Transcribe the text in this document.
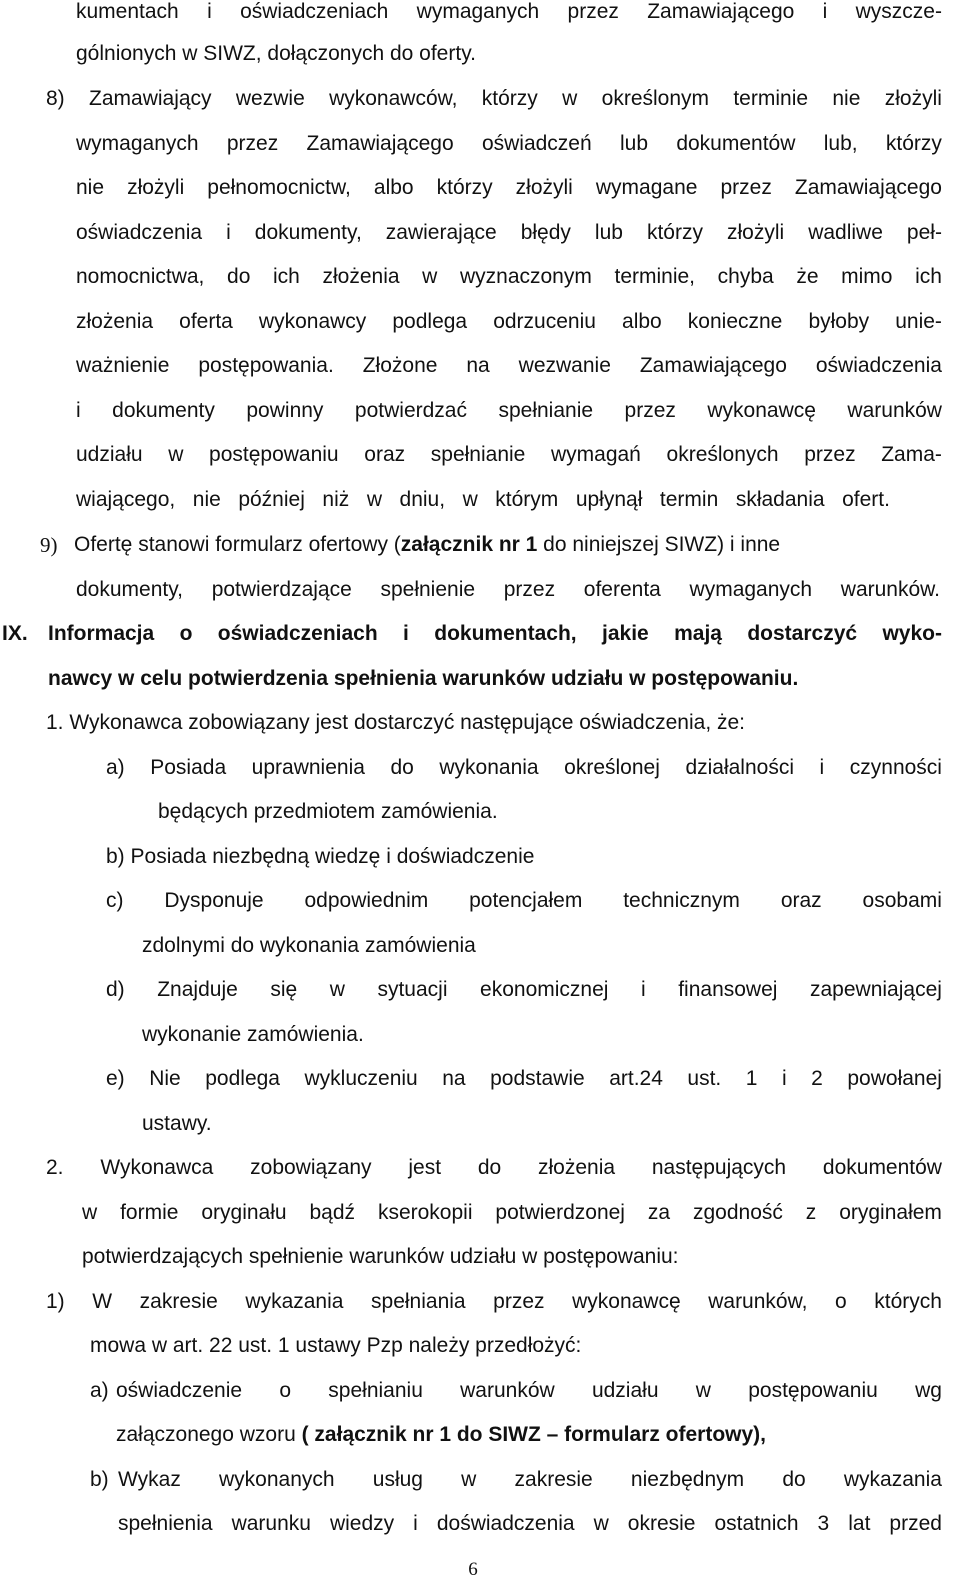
kumentach i oświadczeniach wymaganych przez Zamawiającego i wyszcze-
gólnionych w SIWZ, dołączonych do oferty.
8) Zamawiający wezwie wykonawców, którzy w określonym terminie nie złożyli
wymaganych przez Zamawiającego oświadczeń lub dokumentów lub, którzy
nie złożyli pełnomocnictw, albo którzy złożyli wymagane przez Zamawiającego
oświadczenia i dokumenty, zawierające błędy lub którzy złożyli wadliwe peł-
nomocnictwa, do ich złożenia w wyznaczonym terminie, chyba że mimo ich
złożenia oferta wykonawcy podlega odrzuceniu albo konieczne byłoby unie-
ważnienie postępowania. Złożone na wezwanie Zamawiającego oświadczenia
i dokumenty powinny potwierdzać spełnianie przez wykonawcę warunków
udziału w postępowaniu oraz spełnianie wymagań określonych przez Zama-
wiającego, nie później niż w dniu, w którym upłynął termin składania ofert.
9) Ofertę stanowi formularz ofertowy (załącznik nr 1 do niniejszej SIWZ) i inne
dokumenty, potwierdzające spełnienie przez oferenta wymaganych warunków.
IX. Informacja o oświadczeniach i dokumentach, jakie mają dostarczyć wyko-
nawcy w celu potwierdzenia spełnienia warunków udziału w postępowaniu.
1. Wykonawca zobowiązany jest dostarczyć następujące oświadczenia, że:
a) Posiada uprawnienia do wykonania określonej działalności i czynności
będących przedmiotem zamówienia.
b) Posiada niezbędną wiedzę i doświadczenie
c) Dysponuje odpowiednim potencjałem technicznym oraz osobami
zdolnymi do wykonania zamówienia
d) Znajduje się w sytuacji ekonomicznej i finansowej zapewniającej
wykonanie zamówienia.
e) Nie podlega wykluczeniu na podstawie art.24 ust. 1 i 2 powołanej
ustawy.
2. Wykonawca zobowiązany jest do złożenia następujących dokumentów
w formie oryginału bądź kserokopii potwierdzonej za zgodność z oryginałem
potwierdzających spełnienie warunków udziału w postępowaniu:
1) W zakresie wykazania spełniania przez wykonawcę warunków, o których
mowa w art. 22 ust. 1 ustawy Pzp należy przedłożyć:
a) oświadczenie o spełnianiu warunków udziału w postępowaniu wg
załączonego wzoru ( załącznik nr 1 do SIWZ – formularz ofertowy),
b) Wykaz wykonanych usług w zakresie niezbędnym do wykazania
spełnienia warunku wiedzy i doświadczenia w okresie ostatnich 3 lat przed
6
